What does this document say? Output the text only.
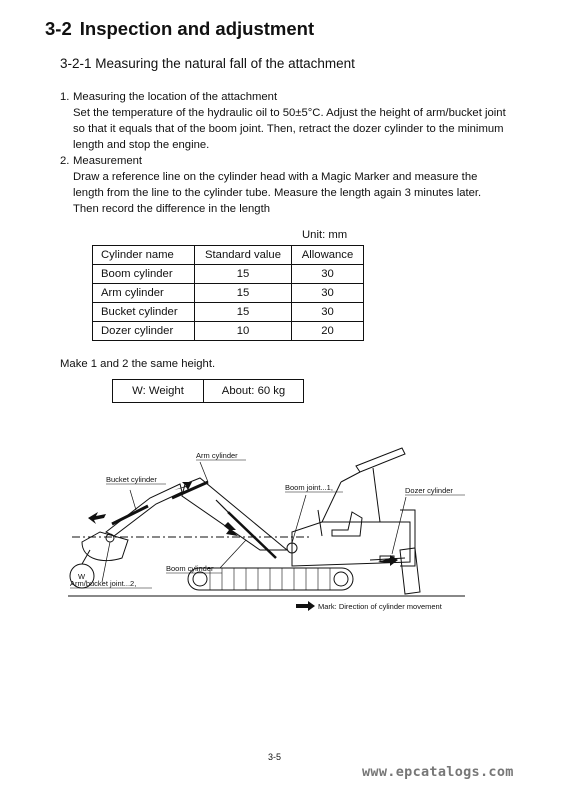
3-2 Inspection and adjustment
3-2-1 Measuring the natural fall of the attachment
1. Measuring the location of the attachment
Set the temperature of the hydraulic oil to 50±5°C. Adjust the height of arm/bucket joint
so that it equals that of the boom joint. Then, retract the dozer cylinder to the minimum
length and stop the engine.
2. Measurement
Draw a reference line on the cylinder head with a Magic Marker and measure the
length from the line to the cylinder tube. Measure the length again 3 minutes later.
Then record the difference in the length
Unit: mm
Cylinder name	Standard value	Allowance
Boom cylinder	15	30
Arm cylinder	15	30
Bucket cylinder	15	30
Dozer cylinder	10	20
Make 1 and 2 the same height.
W: Weight	About: 60 kg
Arm cylinder
Bucket cylinder
Boom joint...1,	Dozer cylinder
Boom cylinder
Arm/bucket joint...2,
W
Mark: Direction of cylinder movement
3-5
www.epcatalogs.com
